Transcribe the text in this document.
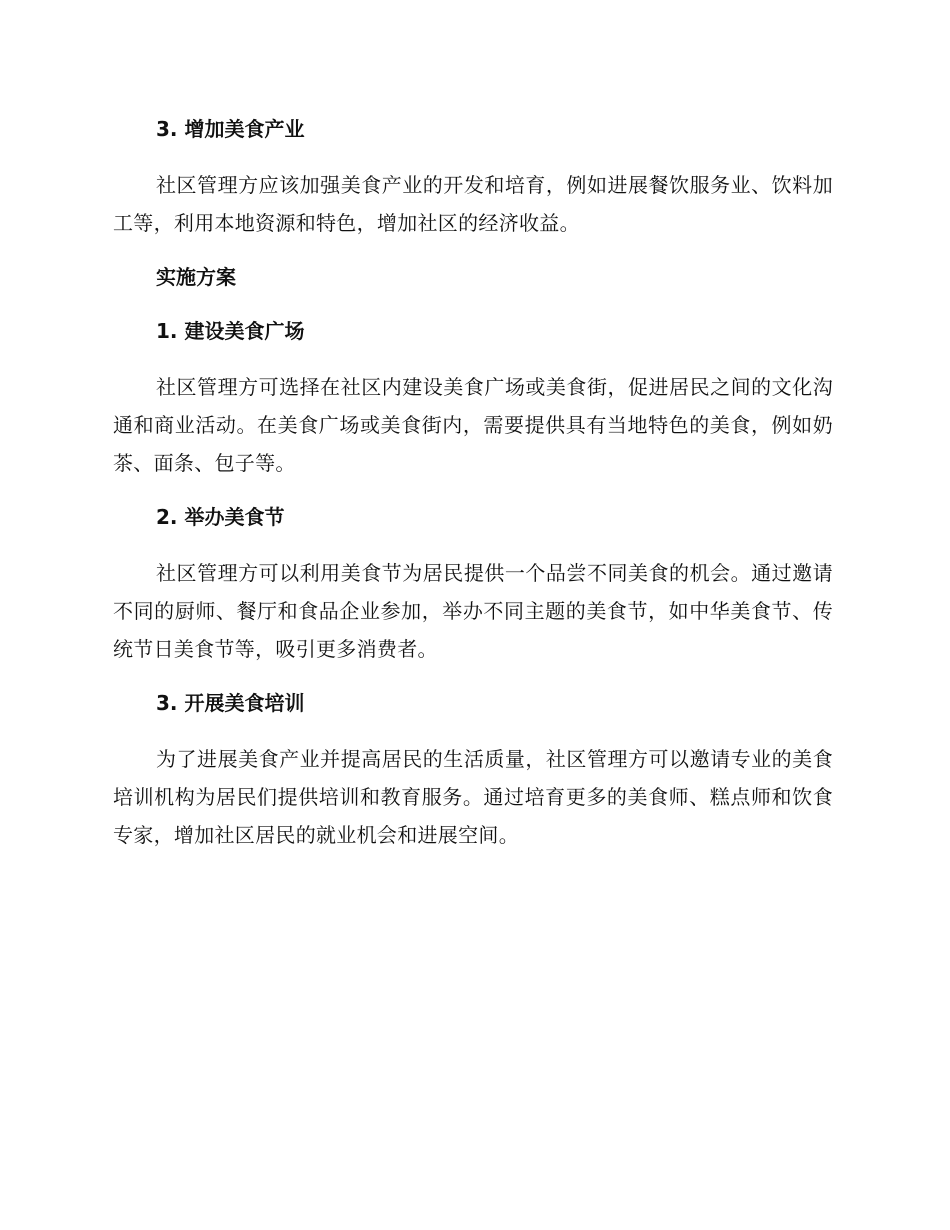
3. 增加美食产业

社区管理方应该加强美食产业的开发和培育，例如进展餐饮服务业、饮料加工等，利用本地资源和特色，增加社区的经济收益。

实施方案

1. 建设美食广场

社区管理方可选择在社区内建设美食广场或美食街，促进居民之间的文化沟通和商业活动。在美食广场或美食街内，需要提供具有当地特色的美食，例如奶茶、面条、包子等。

2. 举办美食节

社区管理方可以利用美食节为居民提供一个品尝不同美食的机会。通过邀请不同的厨师、餐厅和食品企业参加，举办不同主题的美食节，如中华美食节、传统节日美食节等，吸引更多消费者。

3. 开展美食培训

为了进展美食产业并提高居民的生活质量，社区管理方可以邀请专业的美食培训机构为居民们提供培训和教育服务。通过培育更多的美食师、糕点师和饮食专家，增加社区居民的就业机会和进展空间。
